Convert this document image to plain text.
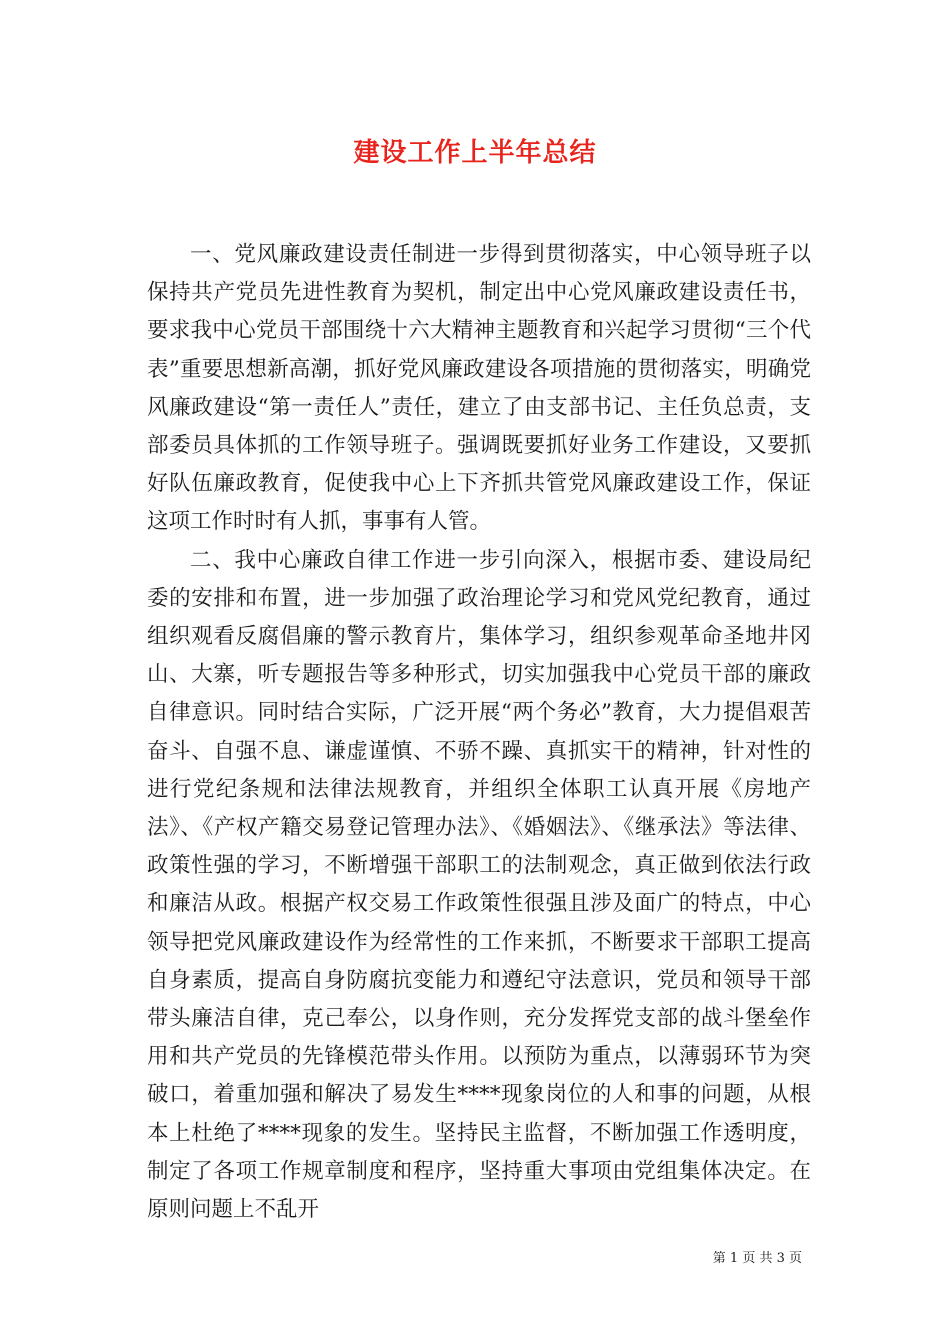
建设工作上半年总结

一、党风廉政建设责任制进一步得到贯彻落实，中心领导班子以保持共产党员先进性教育为契机，制定出中心党风廉政建设责任书，要求我中心党员干部围绕十六大精神主题教育和兴起学习贯彻“三个代表”重要思想新高潮，抓好党风廉政建设各项措施的贯彻落实，明确党风廉政建设“第一责任人”责任，建立了由支部书记、主任负总责，支部委员具体抓的工作领导班子。强调既要抓好业务工作建设，又要抓好队伍廉政教育，促使我中心上下齐抓共管党风廉政建设工作，保证这项工作时时有人抓，事事有人管。

二、我中心廉政自律工作进一步引向深入，根据市委、建设局纪委的安排和布置，进一步加强了政治理论学习和党风党纪教育，通过组织观看反腐倡廉的警示教育片，集体学习，组织参观革命圣地井冈山、大寨，听专题报告等多种形式，切实加强我中心党员干部的廉政自律意识。同时结合实际，广泛开展“两个务必”教育，大力提倡艰苦奋斗、自强不息、谦虚谨慎、不骄不躁、真抓实干的精神，针对性的进行党纪条规和法律法规教育，并组织全体职工认真开展《房地产法》、《产权产籍交易登记管理办法》、《婚姻法》、《继承法》等法律、政策性强的学习，不断增强干部职工的法制观念，真正做到依法行政和廉洁从政。根据产权交易工作政策性很强且涉及面广的特点，中心领导把党风廉政建设作为经常性的工作来抓，不断要求干部职工提高自身素质，提高自身防腐抗变能力和遵纪守法意识，党员和领导干部带头廉洁自律，克己奉公，以身作则，充分发挥党支部的战斗堡垒作用和共产党员的先锋模范带头作用。以预防为重点，以薄弱环节为突破口，着重加强和解决了易发生****现象岗位的人和事的问题，从根本上杜绝了****现象的发生。坚持民主监督，不断加强工作透明度，制定了各项工作规章制度和程序，坚持重大事项由党组集体决定。在原则问题上不乱开

第 1 页 共 3 页
